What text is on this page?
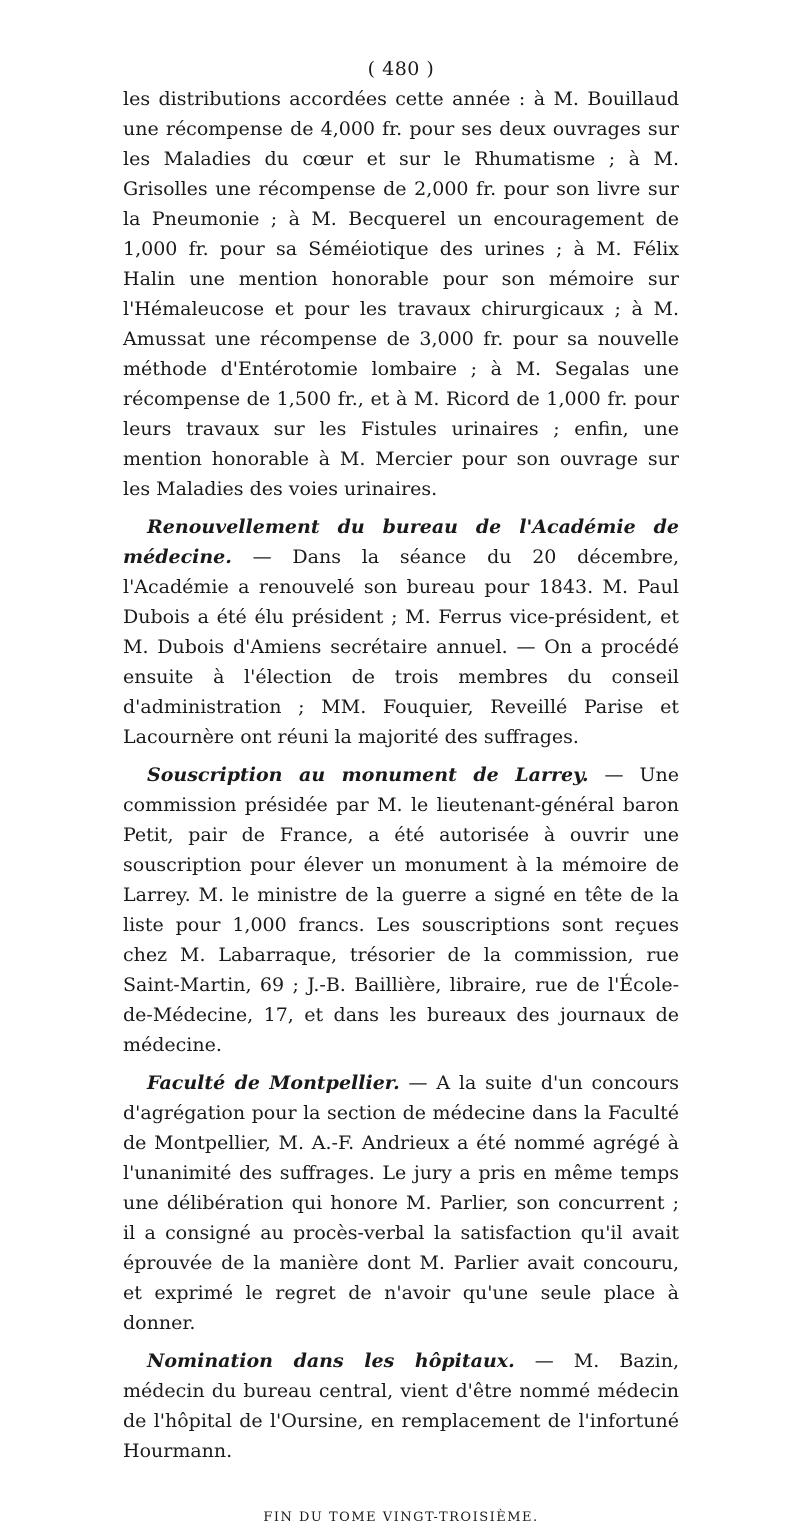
( 480 )

les distributions accordées cette année : à M. Bouillaud une récompense de 4,000 fr. pour ses deux ouvrages sur les Maladies du cœur et sur le Rhumatisme ; à M. Grisolles une récompense de 2,000 fr. pour son livre sur la Pneumonie ; à M. Becquerel un encouragement de 1,000 fr. pour sa Séméiotique des urines ; à M. Félix Halin une mention honorable pour son mémoire sur l'Hémaleucose et pour les travaux chirurgicaux ; à M. Amussat une récompense de 3,000 fr. pour sa nouvelle méthode d'Entérotomie lombaire ; à M. Segalas une récompense de 1,500 fr., et à M. Ricord de 1,000 fr. pour leurs travaux sur les Fistules urinaires ; enfin, une mention honorable à M. Mercier pour son ouvrage sur les Maladies des voies urinaires.

Renouvellement du bureau de l'Académie de médecine. — Dans la séance du 20 décembre, l'Académie a renouvelé son bureau pour 1843. M. Paul Dubois a été élu président ; M. Ferrus vice-président, et M. Dubois d'Amiens secrétaire annuel. — On a procédé ensuite à l'élection de trois membres du conseil d'administration ; MM. Fouquier, Reveillé Parise et Lacournère ont réuni la majorité des suffrages.

Souscription au monument de Larrey. — Une commission présidée par M. le lieutenant-général baron Petit, pair de France, a été autorisée à ouvrir une souscription pour élever un monument à la mémoire de Larrey. M. le ministre de la guerre a signé en tête de la liste pour 1,000 francs. Les souscriptions sont reçues chez M. Labarraque, trésorier de la commission, rue Saint-Martin, 69 ; J.-B. Baillière, libraire, rue de l'École-de-Médecine, 17, et dans les bureaux des journaux de médecine.

Faculté de Montpellier. — A la suite d'un concours d'agrégation pour la section de médecine dans la Faculté de Montpellier, M. A.-F. Andrieux a été nommé agrégé à l'unanimité des suffrages. Le jury a pris en même temps une délibération qui honore M. Parlier, son concurrent ; il a consigné au procès-verbal la satisfaction qu'il avait éprouvée de la manière dont M. Parlier avait concouru, et exprimé le regret de n'avoir qu'une seule place à donner.

Nomination dans les hôpitaux. — M. Bazin, médecin du bureau central, vient d'être nommé médecin de l'hôpital de l'Oursine, en remplacement de l'infortuné Hourmann.

FIN DU TOME VINGT-TROISIÈME.
